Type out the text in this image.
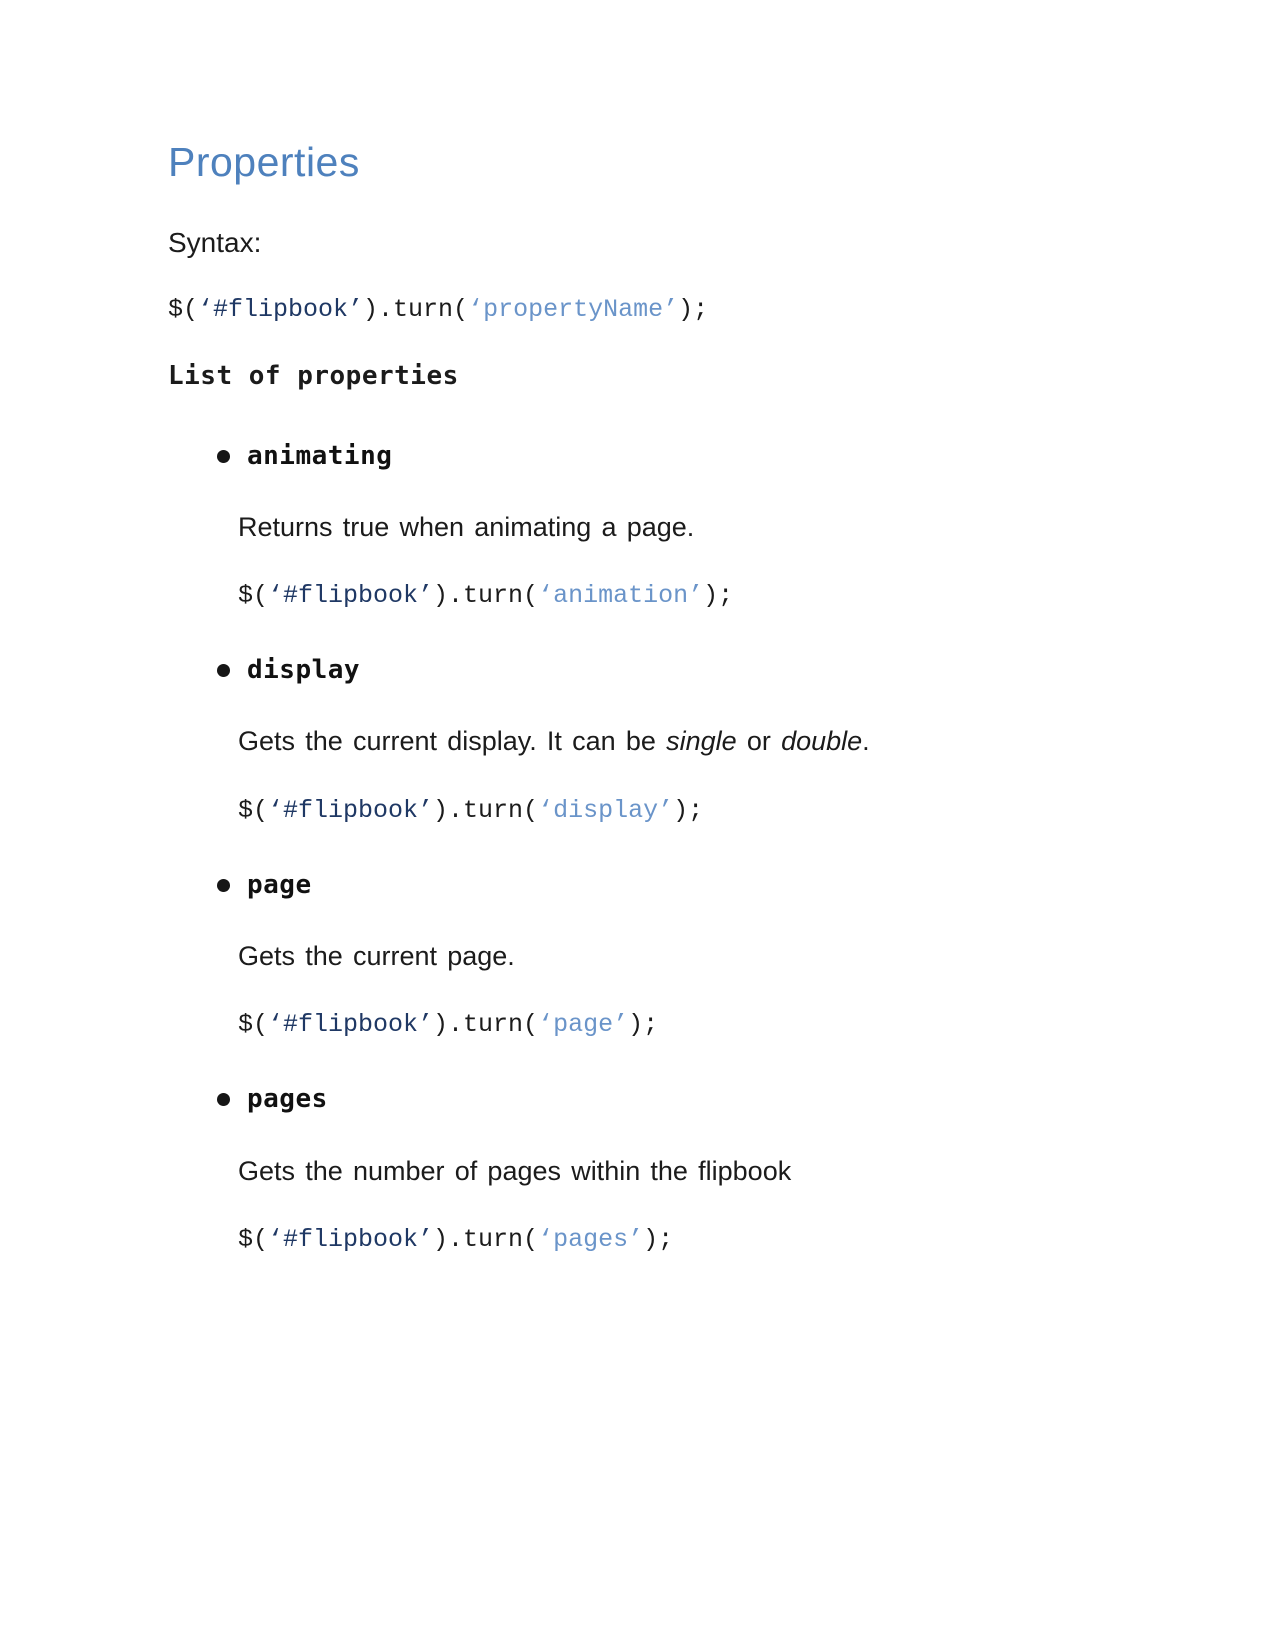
Properties

Syntax:

$(‘#flipbook’).turn(‘propertyName’);
List of properties
animating

Returns true when animating a page.

$(‘#flipbook’).turn(‘animation’);
display

Gets the current display. It can be single or double.

$(‘#flipbook’).turn(‘display’);
page

Gets the current page.

$(‘#flipbook’).turn(‘page’);
pages

Gets the number of pages within the flipbook

$(‘#flipbook’).turn(‘pages’);
